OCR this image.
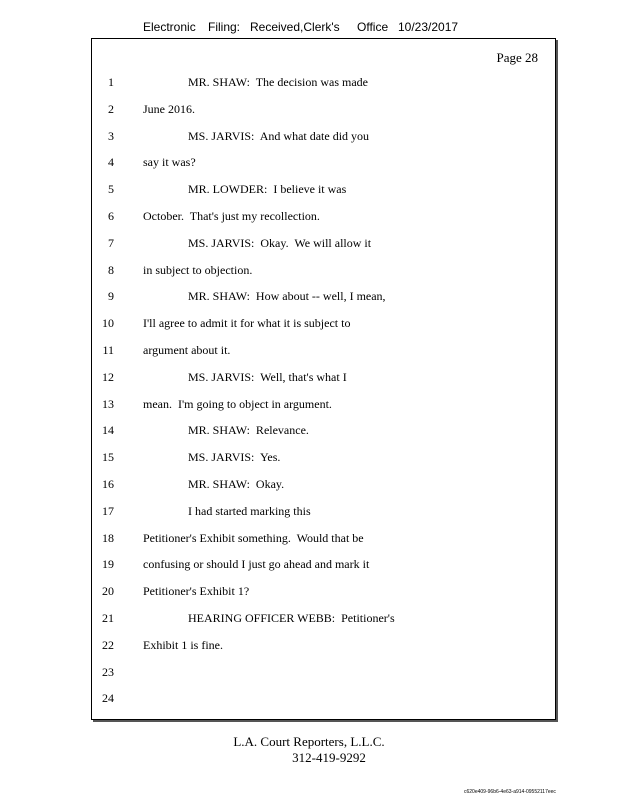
Electronic Filing: Received,Clerk's Office 10/23/2017
Page 28
1	MR. SHAW:  The decision was made
2 June 2016.
3	MS. JARVIS:  And what date did you
4 say it was?
5	MR. LOWDER:  I believe it was
6 October.  That's just my recollection.
7	MS. JARVIS:  Okay.  We will allow it
8 in subject to objection.
9	MR. SHAW:  How about -- well, I mean,
10 I'll agree to admit it for what it is subject to
11 argument about it.
12	MS. JARVIS:  Well, that's what I
13 mean.  I'm going to object in argument.
14	MR. SHAW:  Relevance.
15	MS. JARVIS:  Yes.
16	MR. SHAW:  Okay.
17	I had started marking this
18 Petitioner's Exhibit something.  Would that be
19 confusing or should I just go ahead and mark it
20 Petitioner's Exhibit 1?
21	HEARING OFFICER WEBB:  Petitioner's
22 Exhibit 1 is fine.
23
24
L.A. Court Reporters, L.L.C.
312-419-9292
c620e409-96b6-4e63-a914-09552117eec
